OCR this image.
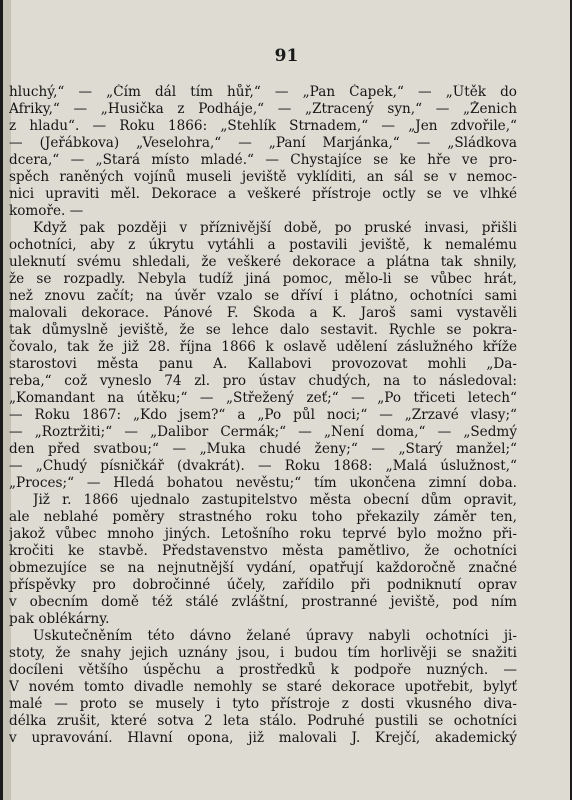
91
hluchý,“ — „Čím dál tím hůř,“ — „Pan Čapek,“ — „Útěk do
Afriky,“ — „Husička z Podháje,“ — „Ztracený syn,“ — „Ženich
z hladu“. — Roku 1866: „Stehlík Strnadem,“ — „Jen zdvořile,“
— (Jeřábkova) „Veselohra,“ — „Paní Marjánka,“ — „Sládkova
dcera,“ — „Stará místo mladé.“ — Chystajíce se ke hře ve pro-
spěch raněných vojínů museli jeviště vyklíditi, an sál se v nemoc-
nici upraviti měl. Dekorace a veškeré přístroje octly se ve vlhké
komoře. —
Když pak později v příznivější době, po pruské invasi, přišli
ochotníci, aby z úkrytu vytáhli a postavili jeviště, k nemalému
uleknutí svému shledali, že veškeré dekorace a plátna tak shnily,
že se rozpadly. Nebyla tudíž jiná pomoc, mělo-li se vůbec hrát,
než znovu začít; na úvěr vzalo se dříví i plátno, ochotníci sami
malovali dekorace. Pánové F. Škoda a K. Jaroš sami vystavěli
tak důmyslně jeviště, že se lehce dalo sestavit. Rychle se pokra-
čovalo, tak že již 28. října 1866 k oslavě udělení záslužného kříže
starostovi města panu A. Kallabovi provozovat mohli „Da-
reba,“ což vyneslo 74 zl. pro ústav chudých, na to následoval:
„Komandant na útěku;“ — „Střežený zeť;“ — „Po třiceti letech“
— Roku 1867: „Kdo jsem?“ a „Po půl noci;“ — „Zrzavé vlasy;“
— „Roztržiti;“ — „Dalibor Cermák;“ — „Není doma,“ — „Sedmý
den před svatbou;“ — „Muka chudé ženy;“ — „Starý manžel;“
— „Chudý písničkář (dvakrát). — Roku 1868: „Malá úslužnost,“
„Proces;“ — Hledá bohatou nevěstu;“ tím ukončena zimní doba.
Již r. 1866 ujednalo zastupitelstvo města obecní dům opravit,
ale neblahé poměry strastného roku toho překazily záměr ten,
jakož vůbec mnoho jiných. Letošního roku teprvé bylo možno při-
kročiti ke stavbě. Představenstvo města pamětlivo, že ochotníci
obmezujíce se na nejnutnější vydání, opatřují každoročně značné
příspěvky pro dobročinné účely, zařídilo při podniknutí oprav
v obecním domě též stálé zvláštní, prostranné jeviště, pod ním
pak oblékárny.
Uskutečněním této dávno želané úpravy nabyli ochotníci ji-
stoty, že snahy jejich uznány jsou, i budou tím horlivěji se snažiti
docíleni většího úspěchu a prostředků k podpoře nuzných. —
V novém tomto divadle nemohly se staré dekorace upotřebit, bylyť
malé — proto se musely i tyto přístroje z dosti vkusného diva-
délka zrušit, které sotva 2 leta stálo. Podruhé pustili se ochotníci
v upravování. Hlavní opona, již malovali J. Krejčí, akademický
